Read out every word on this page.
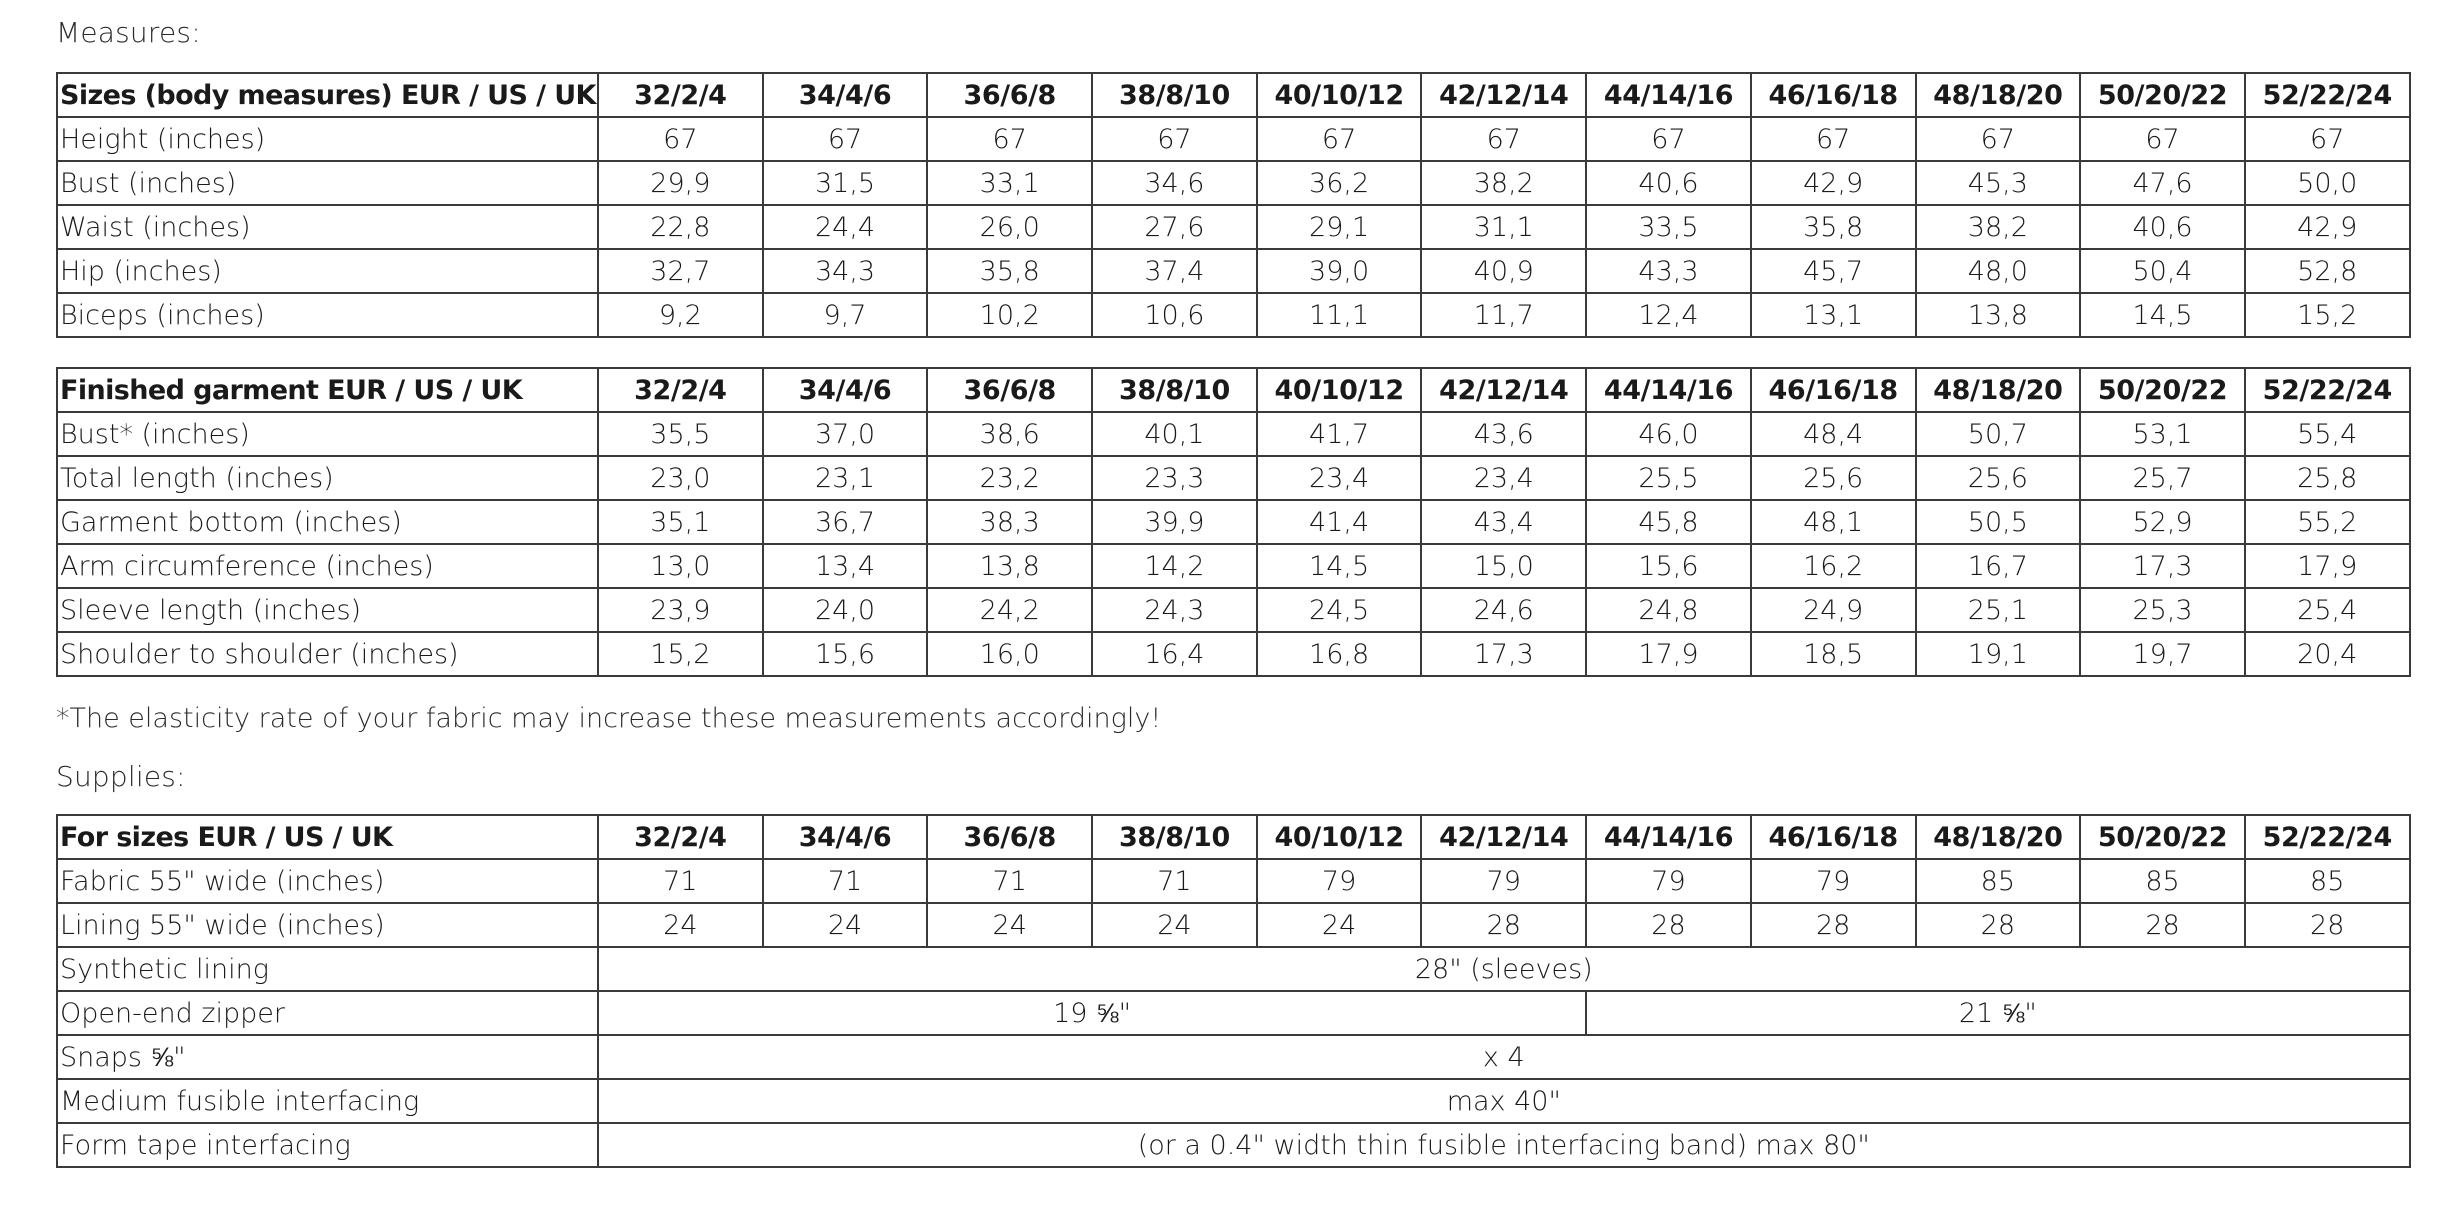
Measures:
Sizes (body measures) EUR / US / UK	32/2/4	34/4/6	36/6/8	38/8/10	40/10/12	42/12/14	44/14/16	46/16/18	48/18/20	50/20/22	52/22/24
Height (inches)	67	67	67	67	67	67	67	67	67	67	67
Bust (inches)	29,9	31,5	33,1	34,6	36,2	38,2	40,6	42,9	45,3	47,6	50,0
Waist (inches)	22,8	24,4	26,0	27,6	29,1	31,1	33,5	35,8	38,2	40,6	42,9
Hip (inches)	32,7	34,3	35,8	37,4	39,0	40,9	43,3	45,7	48,0	50,4	52,8
Biceps (inches)	9,2	9,7	10,2	10,6	11,1	11,7	12,4	13,1	13,8	14,5	15,2
Finished garment EUR / US / UK	32/2/4	34/4/6	36/6/8	38/8/10	40/10/12	42/12/14	44/14/16	46/16/18	48/18/20	50/20/22	52/22/24
Bust* (inches)	35,5	37,0	38,6	40,1	41,7	43,6	46,0	48,4	50,7	53,1	55,4
Total length (inches)	23,0	23,1	23,2	23,3	23,4	23,4	25,5	25,6	25,6	25,7	25,8
Garment bottom (inches)	35,1	36,7	38,3	39,9	41,4	43,4	45,8	48,1	50,5	52,9	55,2
Arm circumference (inches)	13,0	13,4	13,8	14,2	14,5	15,0	15,6	16,2	16,7	17,3	17,9
Sleeve length (inches)	23,9	24,0	24,2	24,3	24,5	24,6	24,8	24,9	25,1	25,3	25,4
Shoulder to shoulder (inches)	15,2	15,6	16,0	16,4	16,8	17,3	17,9	18,5	19,1	19,7	20,4
*The elasticity rate of your fabric may increase these measurements accordingly!
Supplies:
For sizes EUR / US / UK	32/2/4	34/4/6	36/6/8	38/8/10	40/10/12	42/12/14	44/14/16	46/16/18	48/18/20	50/20/22	52/22/24
Fabric 55" wide (inches)	71	71	71	71	79	79	79	79	85	85	85
Lining 55" wide (inches)	24	24	24	24	24	28	28	28	28	28	28
Synthetic lining	28" (sleeves)										
Open-end zipper	19 ⅝"						21 ⅝"				
Snaps ⅝"	x 4										
Medium fusible interfacing	max 40"										
Form tape interfacing	(or a 0.4" width thin fusible interfacing band) max 80"										
